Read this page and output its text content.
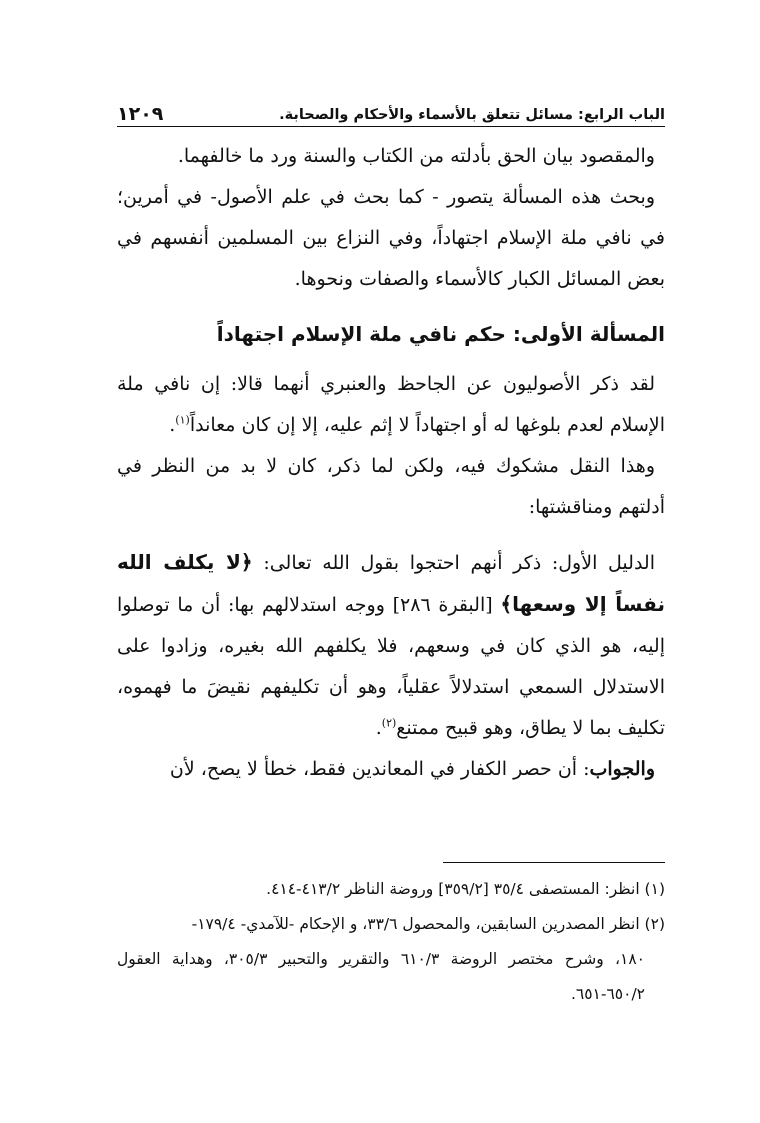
الباب الرابع: مسائل تتعلق بالأسماء والأحكام والصحابة.
١٢٠٩

والمقصود بيان الحق بأدلته من الكتاب والسنة ورد ما خالفهما.

وبحث هذه المسألة يتصور - كما بحث في علم الأصول- في أمرين؛ في نافي ملة الإسلام اجتهاداً، وفي النزاع بين المسلمين أنفسهم في بعض المسائل الكبار كالأسماء والصفات ونحوها.

المسألة الأولى: حكم نافي ملة الإسلام اجتهاداً

لقد ذكر الأصوليون عن الجاحظ والعنبري أنهما قالا: إن نافي ملة الإسلام لعدم بلوغها له أو اجتهاداً لا إثم عليه، إلا إن كان معانداً$^{(١)}$.

وهذا النقل مشكوك فيه، ولكن لما ذكر، كان لا بد من النظر في أدلتهم ومناقشتها:

الدليل الأول: ذكر أنهم احتجوا بقول الله تعالى: ﴿لا يكلف الله نفساً إلا وسعها﴾ [البقرة ٢٨٦] ووجه استدلالهم بها: أن ما توصلوا إليه، هو الذي كان في وسعهم، فلا يكلفهم الله بغيره، وزادوا على الاستدلال السمعي استدلالاً عقلياً، وهو أن تكليفهم نقيضَ ما فهموه، تكليف بما لا يطاق، وهو قبيح ممتنع$^{(٢)}$.

والجواب: أن حصر الكفار في المعاندين فقط، خطأ لا يصح، لأن

(١) انظر: المستصفى ٣٥/٤ [٣٥٩/٢] وروضة الناظر ٤١٣/٢-٤١٤.

(٢) انظر المصدرين السابقين، والمحصول ٣٣/٦، و الإحكام -للآمدي- ١٧٩/٤-

١٨٠، وشرح مختصر الروضة ٦١٠/٣ والتقرير والتحبير ٣٠٥/٣، وهداية العقول ٦٥٠/٢-٦٥١.
